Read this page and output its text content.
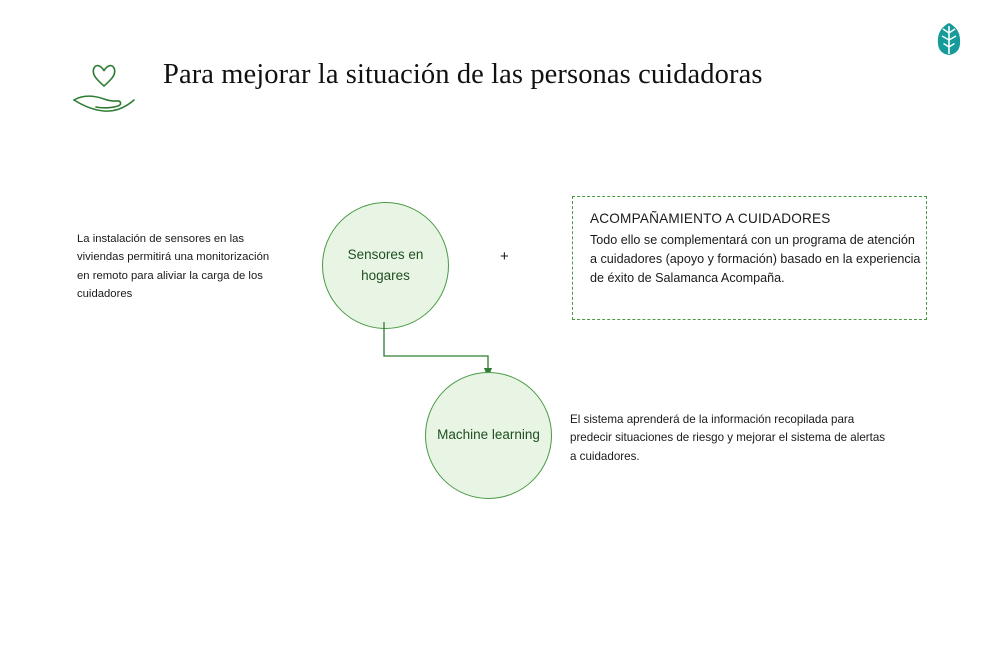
Para mejorar la situación de las personas cuidadoras
La instalación de sensores en las viviendas permitirá una monitorización en remoto para aliviar la carga de los cuidadores
Sensores en hogares
+
Machine learning
ACOMPAÑAMIENTO A CUIDADORES
Todo ello se complementará con un programa de atención a cuidadores (apoyo y formación) basado en la experiencia de éxito de Salamanca Acompaña.
El sistema aprenderá de la información recopilada para predecir situaciones de riesgo y mejorar el sistema de alertas a cuidadores.
